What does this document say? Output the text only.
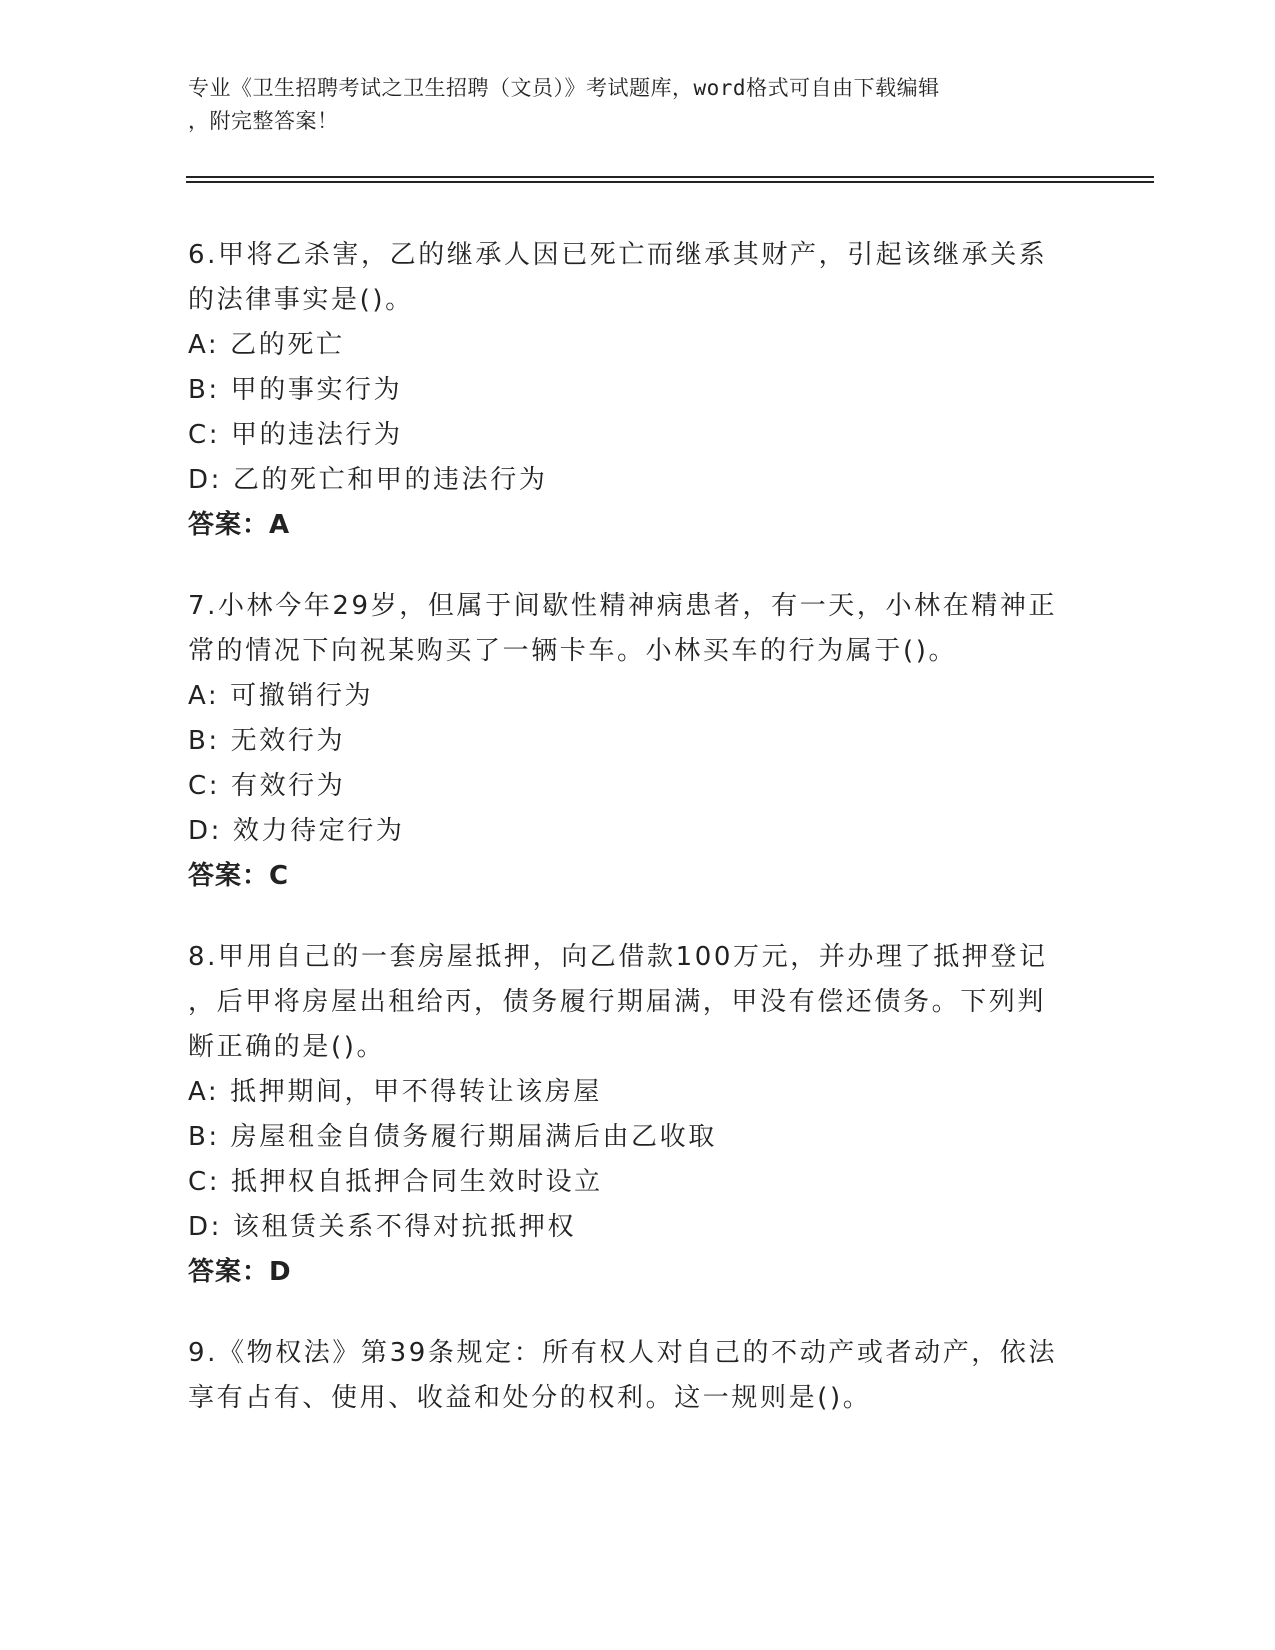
专业《卫生招聘考试之卫生招聘（文员）》考试题库，word格式可自由下载编辑
，附完整答案！
6.甲将乙杀害，乙的继承人因已死亡而继承其财产，引起该继承关系
的法律事实是()。
A: 乙的死亡
B: 甲的事实行为
C: 甲的违法行为
D: 乙的死亡和甲的违法行为
答案：A
7.小林今年29岁，但属于间歇性精神病患者，有一天，小林在精神正
常的情况下向祝某购买了一辆卡车。小林买车的行为属于()。
A: 可撤销行为
B: 无效行为
C: 有效行为
D: 效力待定行为
答案：C
8.甲用自己的一套房屋抵押，向乙借款100万元，并办理了抵押登记
，后甲将房屋出租给丙，债务履行期届满，甲没有偿还债务。下列判
断正确的是()。
A: 抵押期间，甲不得转让该房屋
B: 房屋租金自债务履行期届满后由乙收取
C: 抵押权自抵押合同生效时设立
D: 该租赁关系不得对抗抵押权
答案：D
9.《物权法》第39条规定：所有权人对自己的不动产或者动产，依法
享有占有、使用、收益和处分的权利。这一规则是()。
